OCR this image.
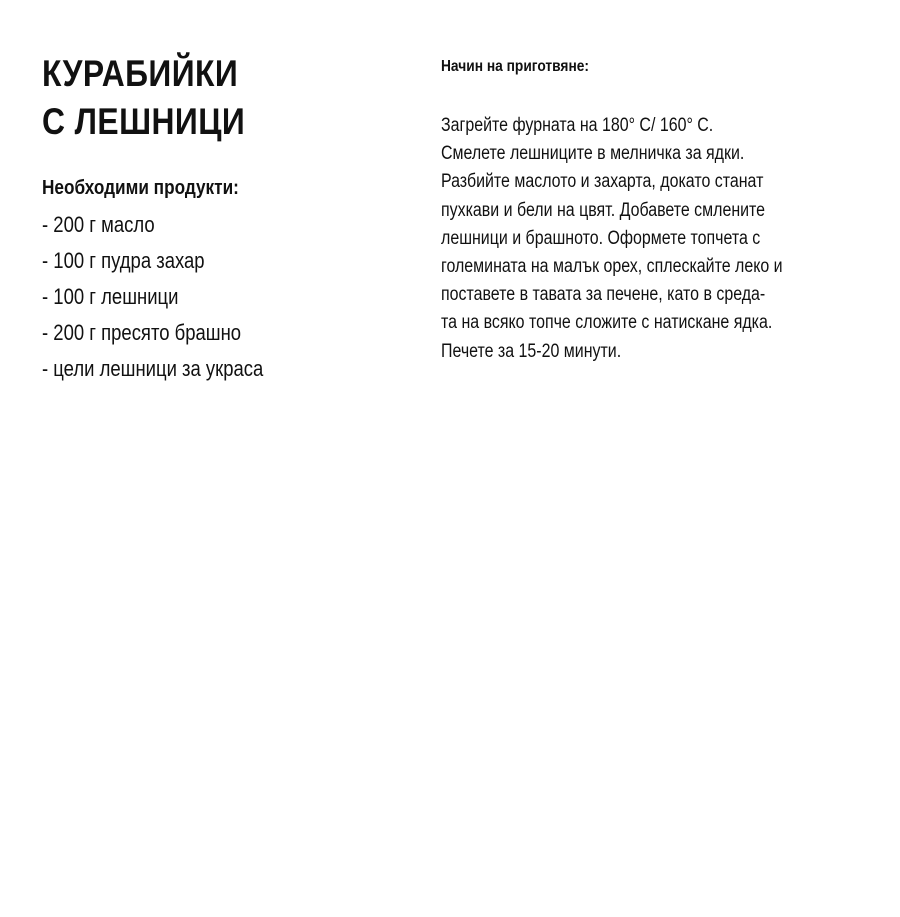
КУРАБИЙКИ
С ЛЕШНИЦИ
Необходими продукти:
- 200 г масло
- 100 г пудра захар
- 100 г лешници
- 200 г пресято брашно
- цели лешници за украса
Начин на приготвяне:
Загрейте фурната на 180° С/ 160° С.
Смелете лешниците в мелничка за ядки.
Разбийте маслото и захарта, докато станат
пухкави и бели на цвят. Добавете смлените
лешници и брашното. Оформете топчета с
големината на малък орех, сплескайте леко и
поставете в тавата за печене, като в среда-
та на всяко топче сложите с натискане ядка.
Печете за 15-20 минути.
